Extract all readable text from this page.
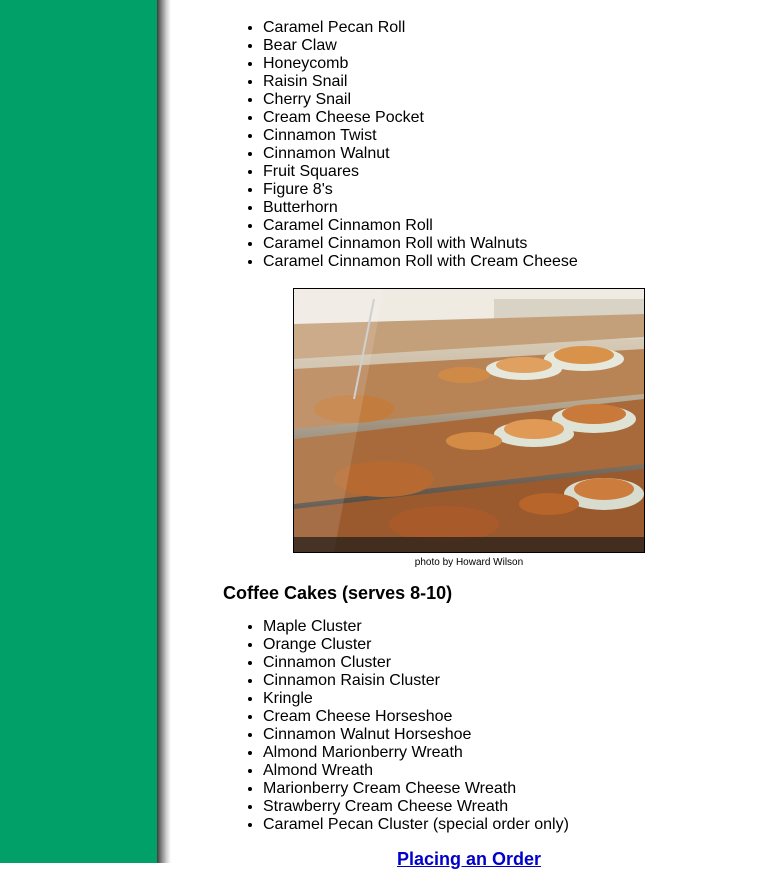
• Caramel Pecan Roll
• Bear Claw
• Honeycomb
• Raisin Snail
• Cherry Snail
• Cream Cheese Pocket
• Cinnamon Twist
• Cinnamon Walnut
• Fruit Squares
• Figure 8's
• Butterhorn
• Caramel Cinnamon Roll
• Caramel Cinnamon Roll with Walnuts
• Caramel Cinnamon Roll with Cream Cheese
photo by Howard Wilson
Coffee Cakes (serves 8-10)
• Maple Cluster
• Orange Cluster
• Cinnamon Cluster
• Cinnamon Raisin Cluster
• Kringle
• Cream Cheese Horseshoe
• Cinnamon Walnut Horseshoe
• Almond Marionberry Wreath
• Almond Wreath
• Marionberry Cream Cheese Wreath
• Strawberry Cream Cheese Wreath
• Caramel Pecan Cluster (special order only)
Placing an Order
